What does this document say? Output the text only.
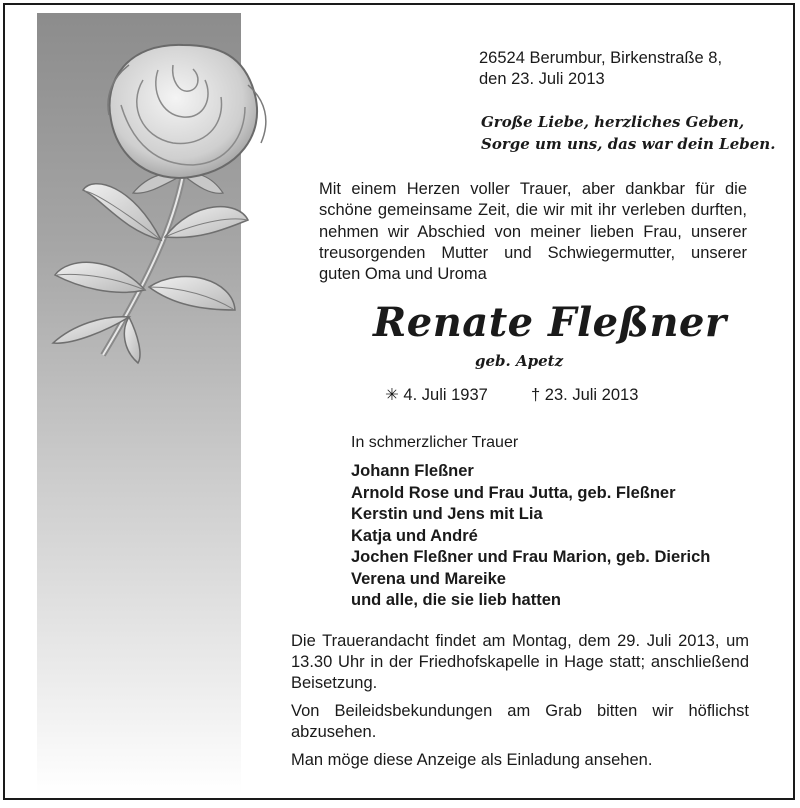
26524 Berumbur, Birkenstraße 8,
den 23. Juli 2013
Große Liebe, herzliches Geben,
Sorge um uns, das war dein Leben.
Mit einem Herzen voller Trauer, aber dankbar für die schöne gemeinsame Zeit, die wir mit ihr verleben durften, nehmen wir Abschied von meiner lieben Frau, unserer treusorgenden Mutter und Schwiegermutter, unserer guten Oma und Uroma
Renate Fleßner
geb. Apetz
✳ 4. Juli 1937	† 23. Juli 2013
In schmerzlicher Trauer
Johann Fleßner
Arnold Rose und Frau Jutta, geb. Fleßner
Kerstin und Jens mit Lia
Katja und André
Jochen Fleßner und Frau Marion, geb. Dierich
Verena und Mareike
und alle, die sie lieb hatten

Die Trauerandacht findet am Montag, dem 29. Juli 2013, um 13.30 Uhr in der Friedhofskapelle in Hage statt; anschließend Beisetzung.

Von Beileidsbekundungen am Grab bitten wir höflichst abzusehen.

Man möge diese Anzeige als Einladung ansehen.
